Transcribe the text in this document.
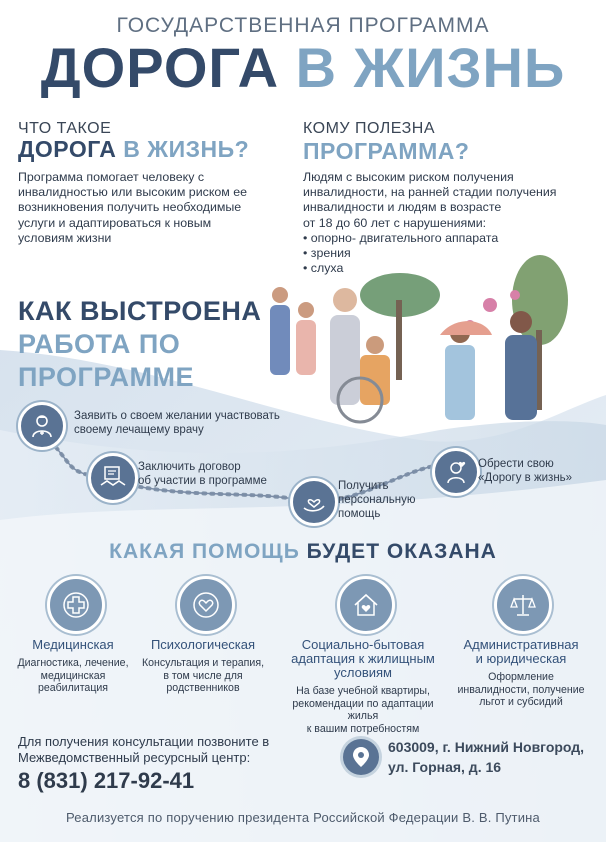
ГОСУДАРСТВЕННАЯ ПРОГРАММА
ДОРОГА В ЖИЗНЬ
ЧТО ТАКОЕ
ДОРОГА В ЖИЗНЬ?
Программа помогает человеку с
инвалидностью или высоким риском ее
возникновения получить необходимые
услуги и адаптироваться к новым
условиям жизни
КОМУ ПОЛЕЗНА
ПРОГРАММА?
Людям с высоким риском получения
инвалидности, на ранней стадии получения
инвалидности и людям в возрасте
от 18 до 60 лет с нарушениями:
• опорно- двигательного аппарата
• зрения
• слуха
КАК ВЫСТРОЕНА
РАБОТА ПО
ПРОГРАММЕ
Заявить о своем желании участвовать
своему лечащему врачу
Заключить договор
об участии в программе	Получить
персональную
помощь
Обрести свою
«Дорогу в жизнь»
КАКАЯ ПОМОЩЬ БУДЕТ ОКАЗАНА
Медицинская
Диагностика, лечение,
медицинская
реабилитация
Психологическая
Консультация и терапия,
в том числе для
родственников
Социально-бытовая
адаптация к жилищным
условиям
На базе учебной квартиры,
рекомендации по адаптации жилья
к вашим потребностям
Административная
и юридическая
Оформление
инвалидности, получение
льгот и субсидий
Для получения консультации позвоните в
Межведомственный ресурсный центр:
8 (831) 217-92-41
603009, г. Нижний Новгород,
ул. Горная, д. 16
Реализуется по поручению президента Российской Федерации В. В. Путина
